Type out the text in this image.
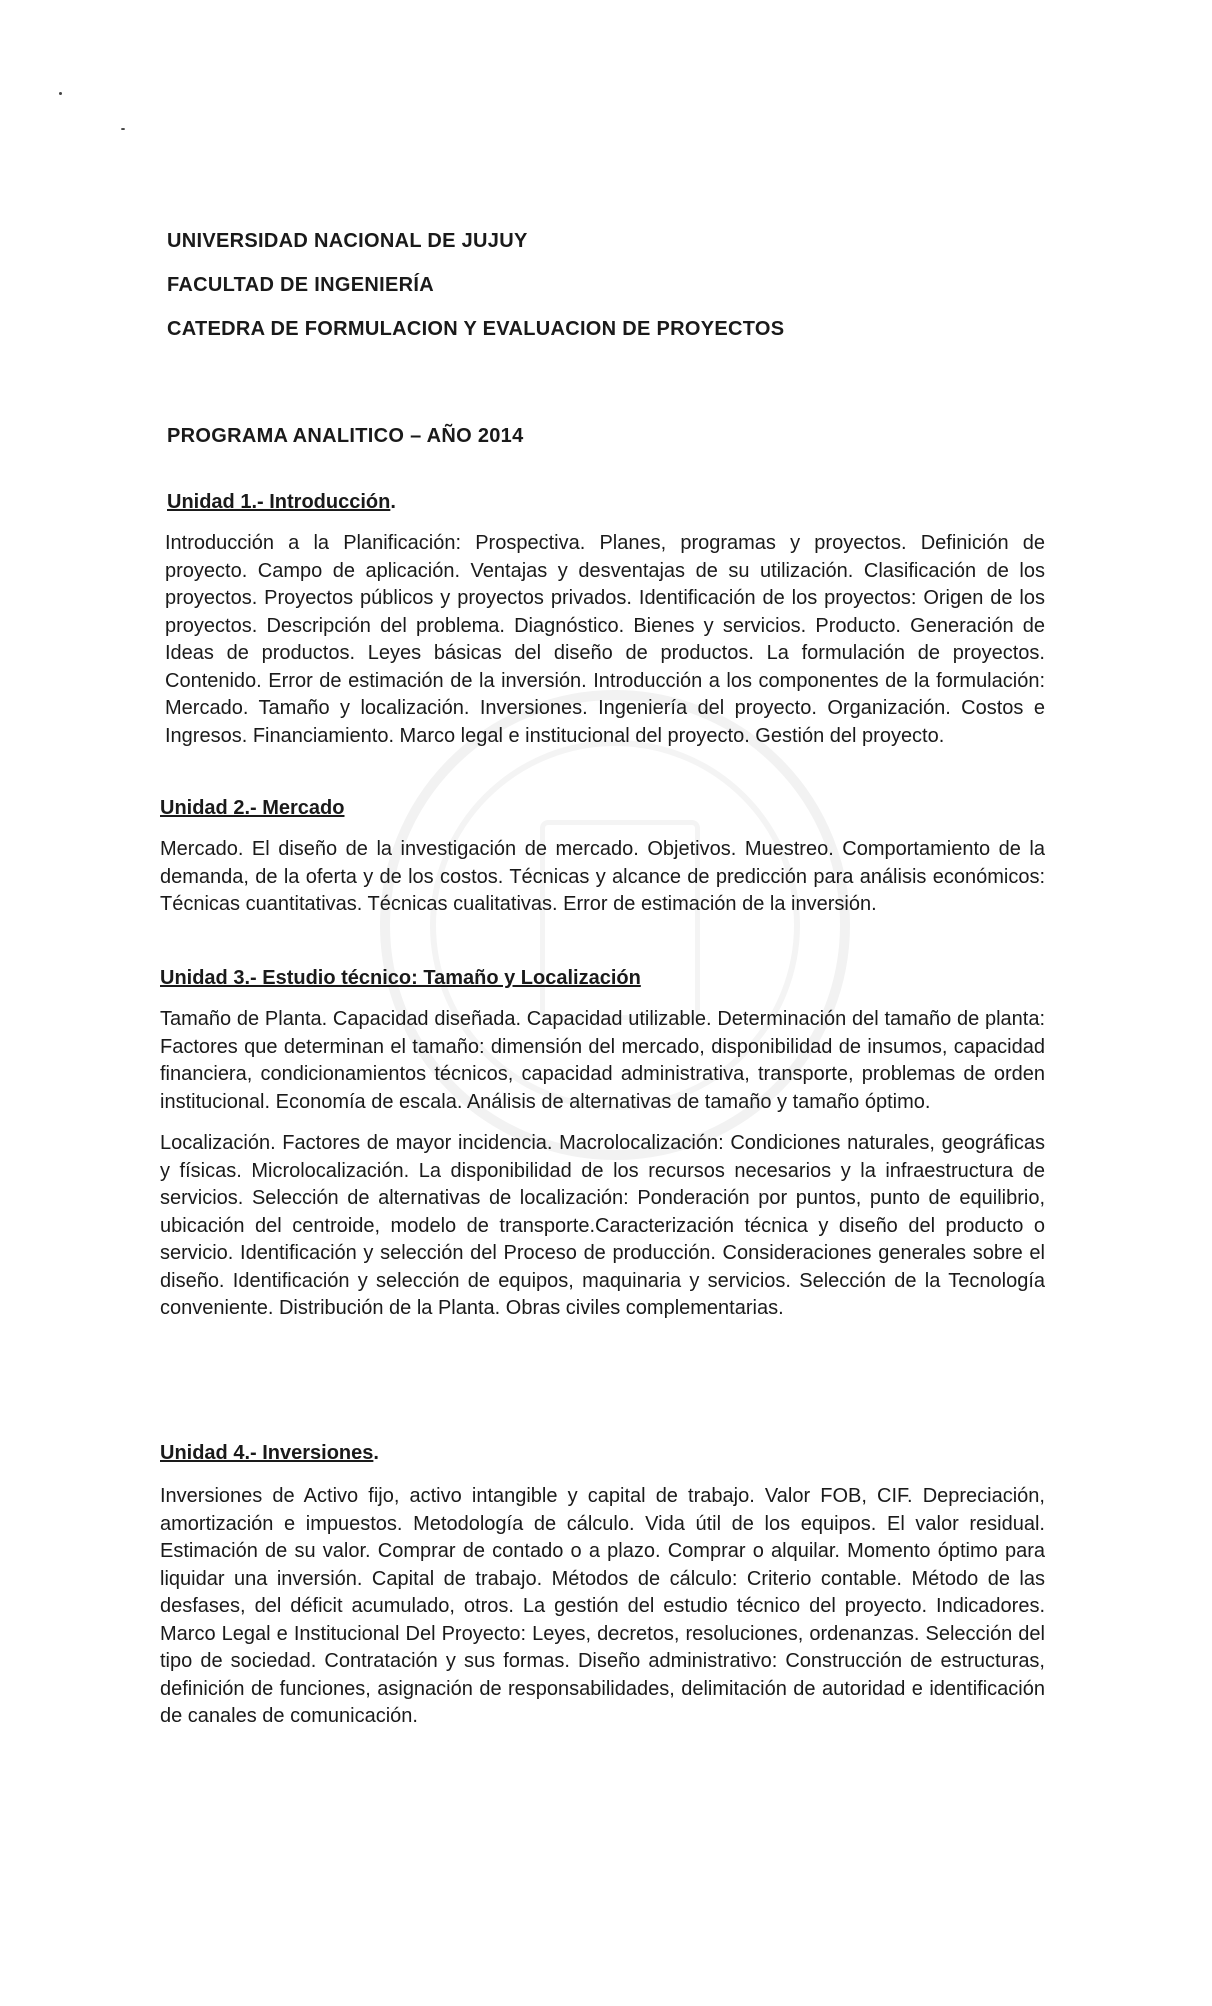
UNIVERSIDAD NACIONAL DE JUJUY

FACULTAD DE INGENIERÍA

CATEDRA DE FORMULACION Y EVALUACION DE PROYECTOS

PROGRAMA ANALITICO – AÑO 2014

Unidad 1.- Introducción.

Introducción a la Planificación: Prospectiva. Planes, programas y proyectos. Definición de proyecto. Campo de aplicación. Ventajas y desventajas de su utilización. Clasificación de los proyectos. Proyectos públicos y proyectos privados. Identificación de los proyectos: Origen de los proyectos. Descripción del problema. Diagnóstico. Bienes y servicios. Producto. Generación de Ideas de productos. Leyes básicas del diseño de productos. La formulación de proyectos. Contenido. Error de estimación de la inversión. Introducción a los componentes de la formulación: Mercado. Tamaño y localización. Inversiones. Ingeniería del proyecto. Organización. Costos e Ingresos. Financiamiento. Marco legal e institucional del proyecto. Gestión del proyecto.

Unidad 2.- Mercado

Mercado. El diseño de la investigación de mercado. Objetivos. Muestreo. Comportamiento de la demanda, de la oferta y de los costos. Técnicas y alcance de predicción para análisis económicos: Técnicas cuantitativas. Técnicas cualitativas. Error de estimación de la inversión.

Unidad 3.- Estudio técnico: Tamaño y Localización

Tamaño de Planta. Capacidad diseñada. Capacidad utilizable. Determinación del tamaño de planta: Factores que determinan el tamaño: dimensión del mercado, disponibilidad de insumos, capacidad financiera, condicionamientos técnicos, capacidad administrativa, transporte, problemas de orden institucional. Economía de escala. Análisis de alternativas de tamaño y tamaño óptimo.

Localización. Factores de mayor incidencia. Macrolocalización: Condiciones naturales, geográficas y físicas. Microlocalización. La disponibilidad de los recursos necesarios y la infraestructura de servicios. Selección de alternativas de localización: Ponderación por puntos, punto de equilibrio, ubicación del centroide, modelo de transporte.Caracterización técnica y diseño del producto o servicio. Identificación y selección del Proceso de producción. Consideraciones generales sobre el diseño. Identificación y selección de equipos, maquinaria y servicios. Selección de la Tecnología conveniente. Distribución de la Planta. Obras civiles complementarias.

Unidad 4.- Inversiones.

Inversiones de Activo fijo, activo intangible y capital de trabajo. Valor FOB, CIF. Depreciación, amortización e impuestos. Metodología de cálculo. Vida útil de los equipos. El valor residual. Estimación de su valor. Comprar de contado o a plazo. Comprar o alquilar. Momento óptimo para liquidar una inversión. Capital de trabajo. Métodos de cálculo: Criterio contable. Método de las desfases, del déficit acumulado, otros. La gestión del estudio técnico del proyecto. Indicadores. Marco Legal e Institucional Del Proyecto: Leyes, decretos, resoluciones, ordenanzas. Selección del tipo de sociedad. Contratación y sus formas. Diseño administrativo: Construcción de estructuras, definición de funciones, asignación de responsabilidades, delimitación de autoridad e identificación de canales de comunicación.
